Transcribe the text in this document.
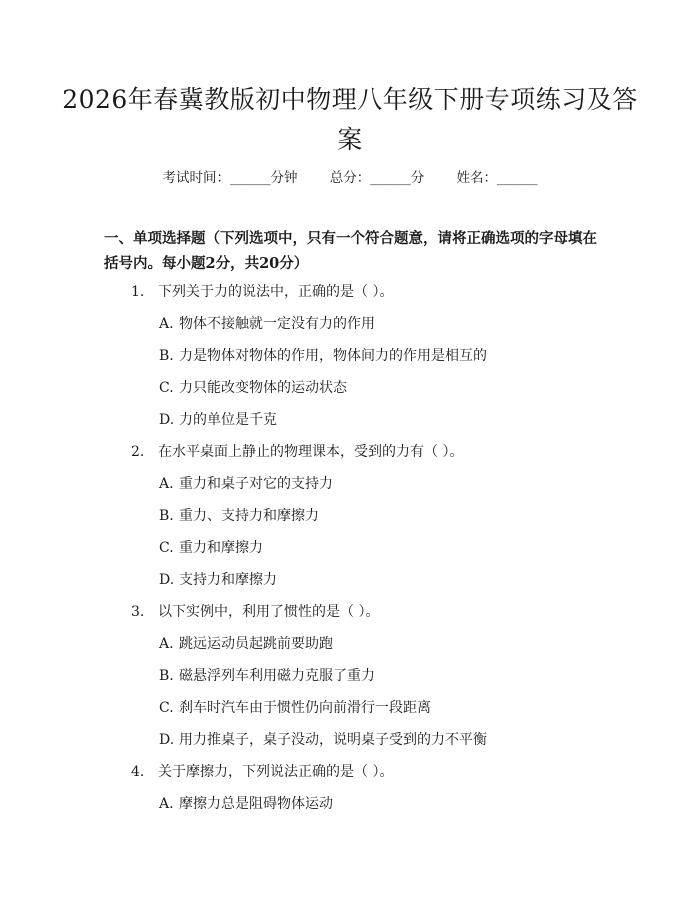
2026年春冀教版初中物理八年级下册专项练习及答案
考试时间：______分钟 总分：______分 姓名：______
一、单项选择题（下列选项中，只有一个符合题意，请将正确选项的字母填在括号内。每小题2分，共20分）
1. 下列关于力的说法中，正确的是（ ）。
A. 物体不接触就一定没有力的作用
B. 力是物体对物体的作用，物体间力的作用是相互的
C. 力只能改变物体的运动状态
D. 力的单位是千克
2. 在水平桌面上静止的物理课本，受到的力有（ ）。
A. 重力和桌子对它的支持力
B. 重力、支持力和摩擦力
C. 重力和摩擦力
D. 支持力和摩擦力
3. 以下实例中，利用了惯性的是（ ）。
A. 跳远运动员起跳前要助跑
B. 磁悬浮列车利用磁力克服了重力
C. 刹车时汽车由于惯性仍向前滑行一段距离
D. 用力推桌子，桌子没动，说明桌子受到的力不平衡
4. 关于摩擦力，下列说法正确的是（ ）。
A. 摩擦力总是阻碍物体运动
